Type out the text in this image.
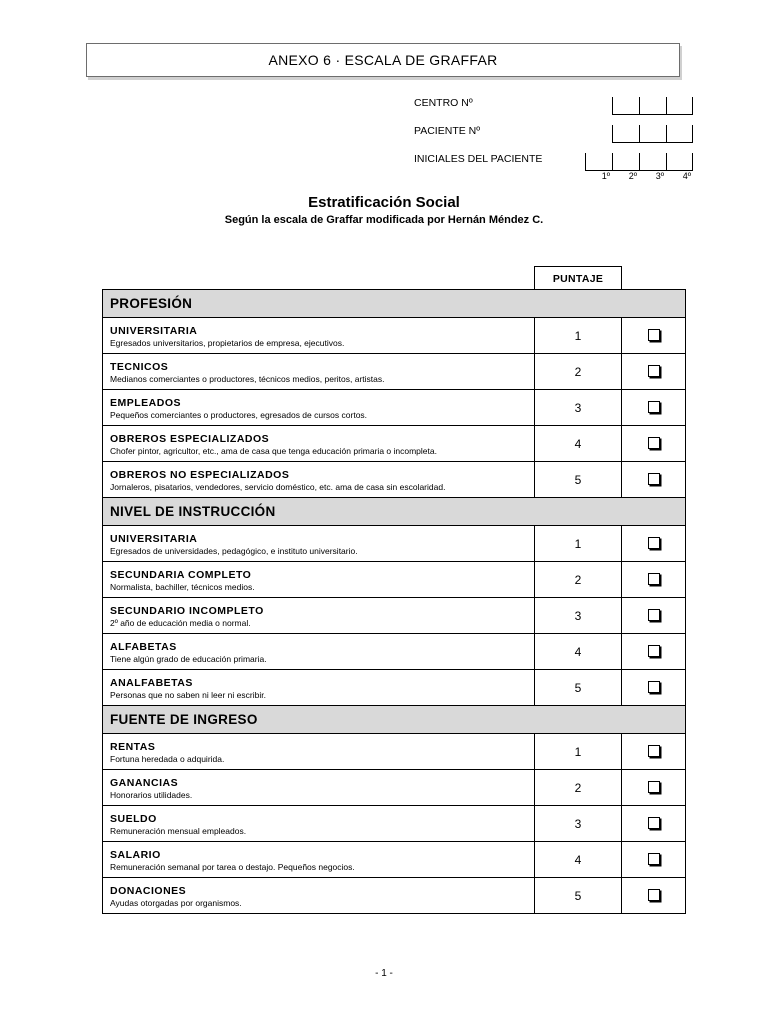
ANEXO 6 · ESCALA DE GRAFFAR
CENTRO Nº
PACIENTE Nº
INICIALES DEL PACIENTE
1º	2º	3º	4º
Estratificación Social
Según la escala de Graffar modificada por Hernán Méndez C.
PUNTAJE
PROFESIÓN		

UNIVERSITARIA
Egresados universitarios, propietarios de empresa, ejecutivos.	1	

TECNICOS
Medianos comerciantes o productores, técnicos medios, peritos, artistas.	2	

EMPLEADOS
Pequeños comerciantes o productores, egresados de cursos cortos.	3	

OBREROS ESPECIALIZADOS
Chofer pintor, agricultor, etc., ama de casa que tenga educación primaria o incompleta.	4	

OBREROS NO ESPECIALIZADOS
Jornaleros, pisatarios, vendedores, servicio doméstico, etc. ama de casa sin escolaridad.	5	
NIVEL DE INSTRUCCIÓN		

UNIVERSITARIA
Egresados de universidades, pedagógico, e instituto universitario.	1	

SECUNDARIA COMPLETO
Normalista, bachiller, técnicos medios.	2	

SECUNDARIO INCOMPLETO
2º año de educación media o normal.	3	

ALFABETAS
Tiene algún grado de educación primaria.	4	

ANALFABETAS
Personas que no saben ni leer ni escribir.	5	
FUENTE DE INGRESO		

RENTAS
Fortuna heredada o adquirida.	1	

GANANCIAS
Honorarios utilidades.	2	

SUELDO
Remuneración mensual empleados.	3	

SALARIO
Remuneración semanal por tarea o destajo. Pequeños negocios.	4	

DONACIONES
Ayudas otorgadas por organismos.	5	
- 1 -
